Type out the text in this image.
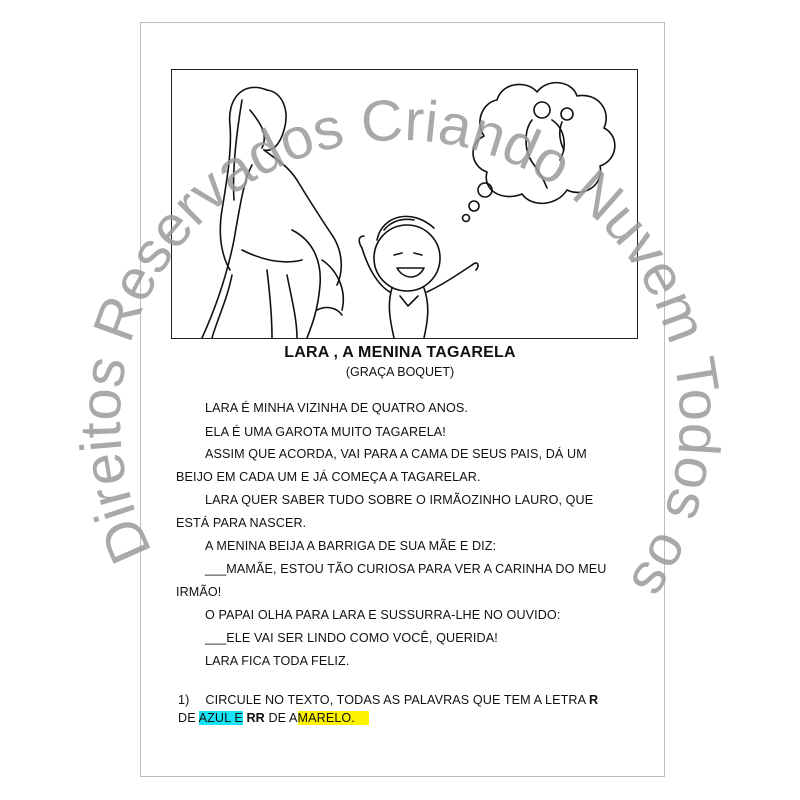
LARA , A MENINA TAGARELA
(GRAÇA BOQUET)
LARA É MINHA VIZINHA DE QUATRO ANOS.
ELA É UMA GAROTA MUITO TAGARELA!
ASSIM QUE ACORDA, VAI PARA A CAMA DE SEUS PAIS, DÁ UM
BEIJO EM CADA UM E JÁ COMEÇA A TAGARELAR.
LARA QUER SABER TUDO SOBRE O IRMÃOZINHO LAURO, QUE
ESTÁ PARA NASCER.
A MENINA BEIJA A BARRIGA DE SUA MÃE E DIZ:
___MAMÃE, ESTOU TÃO CURIOSA PARA VER A CARINHA DO MEU
IRMÃO!
O PAPAI OLHA PARA LARA E SUSSURRA-LHE NO OUVIDO:
___ELE VAI SER LINDO COMO VOCÊ, QUERIDA!
LARA FICA TODA FELIZ.
1) CIRCULE NO TEXTO, TODAS AS PALAVRAS QUE TEM A LETRA R
DE AZUL E RR DE AMARELO.
Direitos Reservados Criando Nuvem Todos os
